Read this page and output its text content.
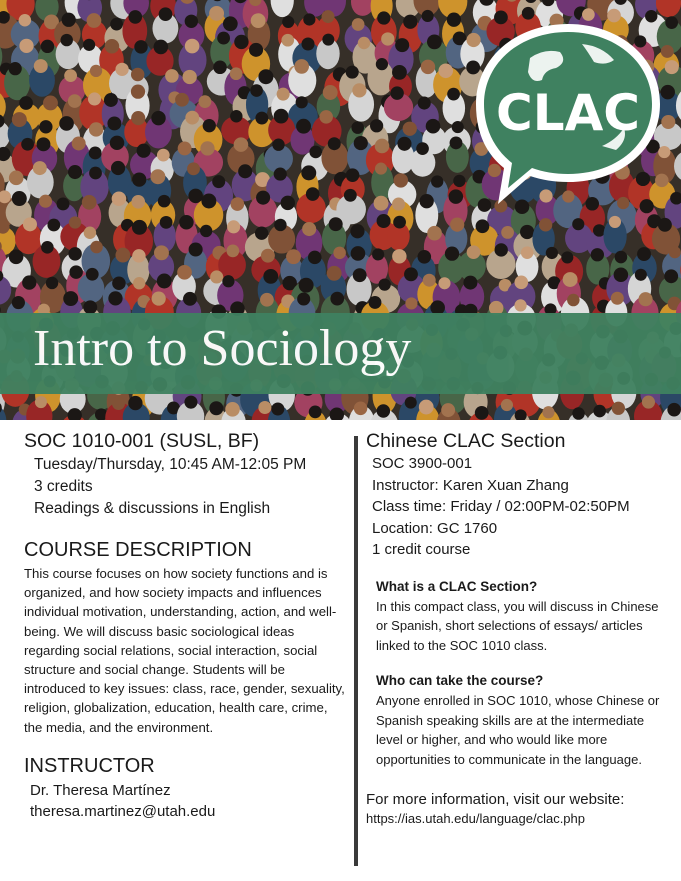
CLAC
Intro to Sociology

SOC 1010-001 (SUSL, BF)

Tuesday/Thursday, 10:45 AM-12:05 PM

3 credits

Readings & discussions in English

COURSE DESCRIPTION

This course focuses on how society functions and is organized, and how society impacts and influences individual motivation, understanding, action, and well-being. We will discuss basic sociological ideas regarding social relations, social interaction, social structure and social change. Students will be introduced to key issues: class, race, gender, sexuality, religion, globalization, education, health care, crime, the media, and the environment.

INSTRUCTOR

Dr. Theresa Martínez

theresa.martinez@utah.edu

Chinese CLAC Section

SOC 3900-001

Instructor: Karen Xuan Zhang

Class time: Friday / 02:00PM-02:50PM

Location: GC 1760

1 credit course

What is a CLAC Section?

In this compact class, you will discuss in Chinese or Spanish, short selections of essays/ articles linked to the SOC 1010 class.

Who can take the course?

Anyone enrolled in SOC 1010, whose Chinese or Spanish speaking skills are at the intermediate level or higher, and who would like more opportunities to communicate in the language.

For more information, visit our website:

https://ias.utah.edu/language/clac.php
